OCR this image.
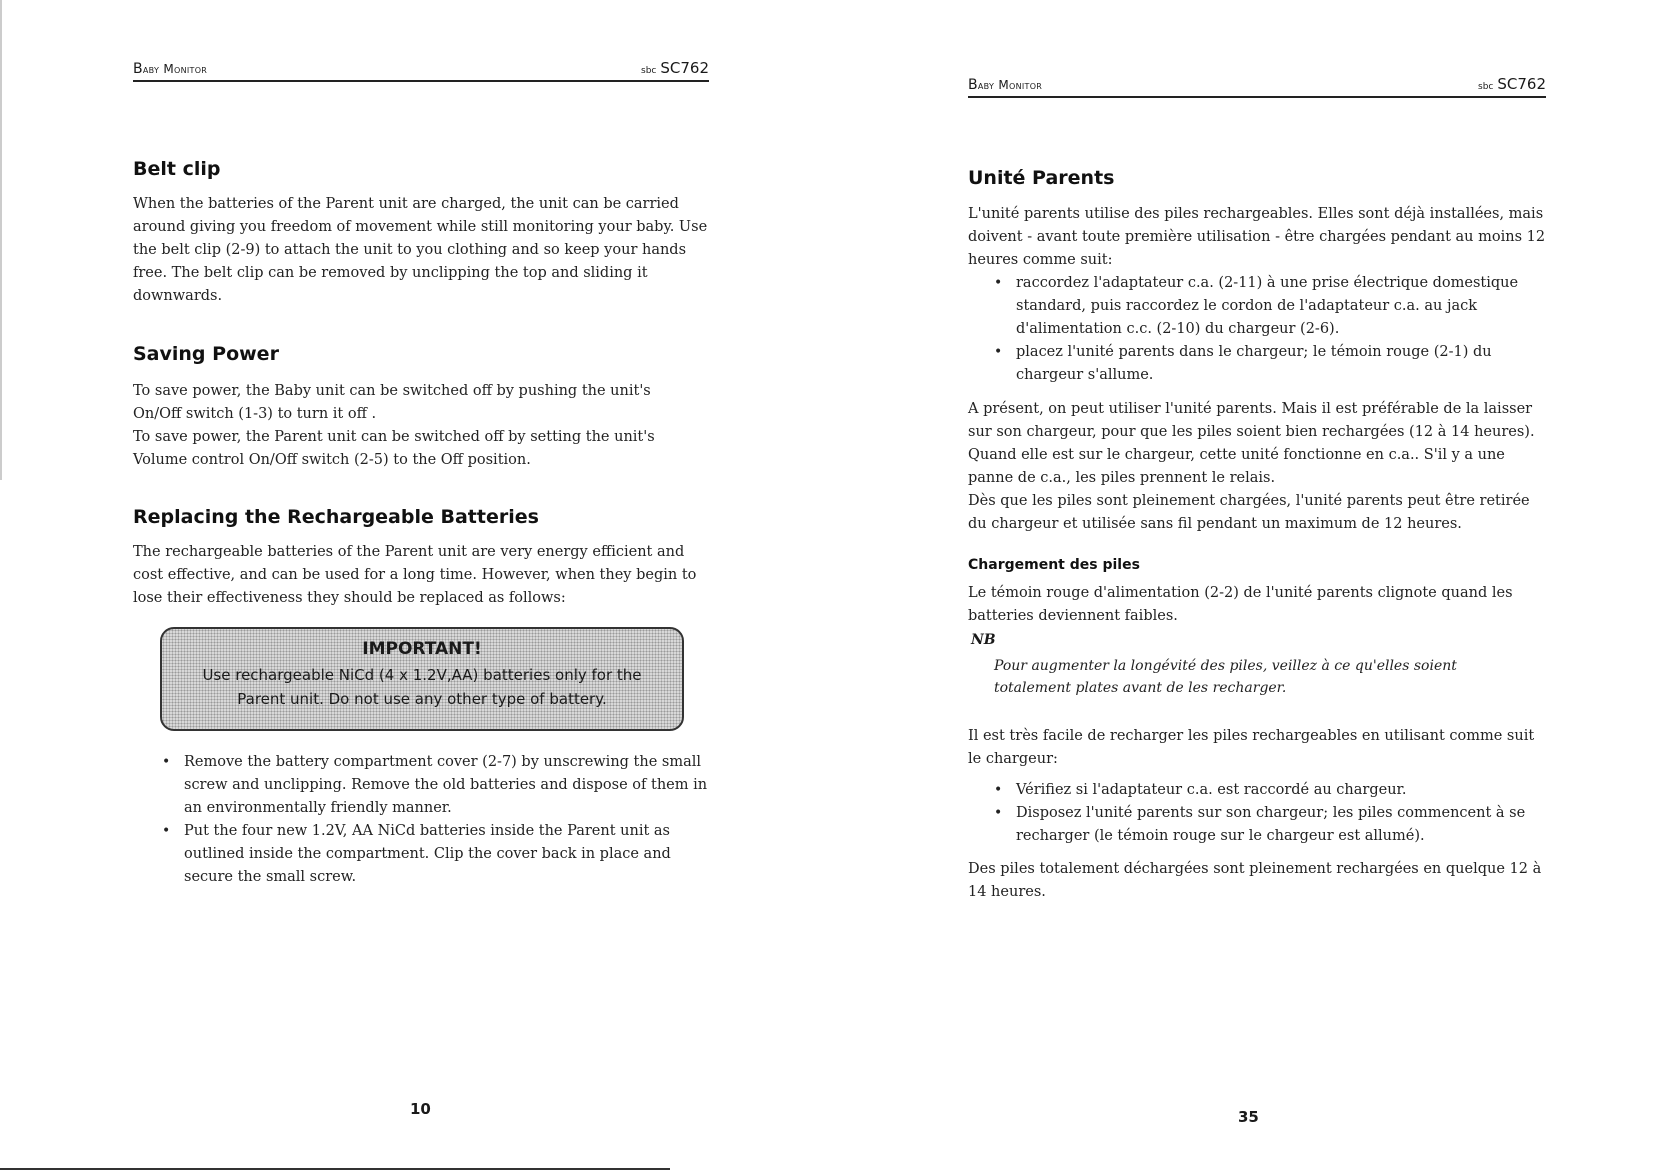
Baby Monitor	sbc SC762
Belt clip

When the batteries of the Parent unit are charged, the unit can be carried around giving you freedom of movement while still monitoring your baby. Use the belt clip (2-9) to attach the unit to you clothing and so keep your hands free. The belt clip can be removed by unclipping the top and sliding it downwards.

Saving Power

To save power, the Baby unit can be switched off by pushing the unit's On/Off switch (1-3) to turn it off .

To save power, the Parent unit can be switched off by setting the unit's Volume control On/Off switch (2-5) to the Off position.

Replacing the Rechargeable Batteries

The rechargeable batteries of the Parent unit are very energy efficient and cost effective, and can be used for a long time. However, when they begin to lose their effectiveness they should be replaced as follows:

IMPORTANT!
Use rechargeable NiCd (4 x 1.2V,AA) batteries only for the Parent unit. Do not use any other type of battery.
• Remove the battery compartment cover (2-7) by unscrewing the small screw and unclipping. Remove the old batteries and dispose of them in an environmentally friendly manner.
• Put the four new 1.2V, AA NiCd batteries inside the Parent unit as outlined inside the compartment. Clip the cover back in place and secure the small screw.
10
Baby Monitor	sbc SC762
Unité Parents

L'unité parents utilise des piles rechargeables. Elles sont déjà installées, mais doivent - avant toute première utilisation - être chargées pendant au moins 12 heures comme suit:

• raccordez l'adaptateur c.a. (2-11) à une prise électrique domestique standard, puis raccordez le cordon de l'adaptateur c.a. au jack d'alimentation c.c. (2-10) du chargeur (2-6).
• placez l'unité parents dans le chargeur; le témoin rouge (2-1) du chargeur s'allume.

A présent, on peut utiliser l'unité parents. Mais il est préférable de la laisser sur son chargeur, pour que les piles soient bien rechargées (12 à 14 heures). Quand elle est sur le chargeur, cette unité fonctionne en c.a.. S'il y a une panne de c.a., les piles prennent le relais.

Dès que les piles sont pleinement chargées, l'unité parents peut être retirée du chargeur et utilisée sans fil pendant un maximum de 12 heures.

Chargement des piles

Le témoin rouge d'alimentation (2-2) de l'unité parents clignote quand les batteries deviennent faibles.

NB
Pour augmenter la longévité des piles, veillez à ce qu'elles soient totalement plates avant de les recharger.

Il est très facile de recharger les piles rechargeables en utilisant comme suit le chargeur:

• Vérifiez si l'adaptateur c.a. est raccordé au chargeur.
• Disposez l'unité parents sur son chargeur; les piles commencent à se recharger (le témoin rouge sur le chargeur est allumé).

Des piles totalement déchargées sont pleinement rechargées en quelque 12 à 14 heures.

35
